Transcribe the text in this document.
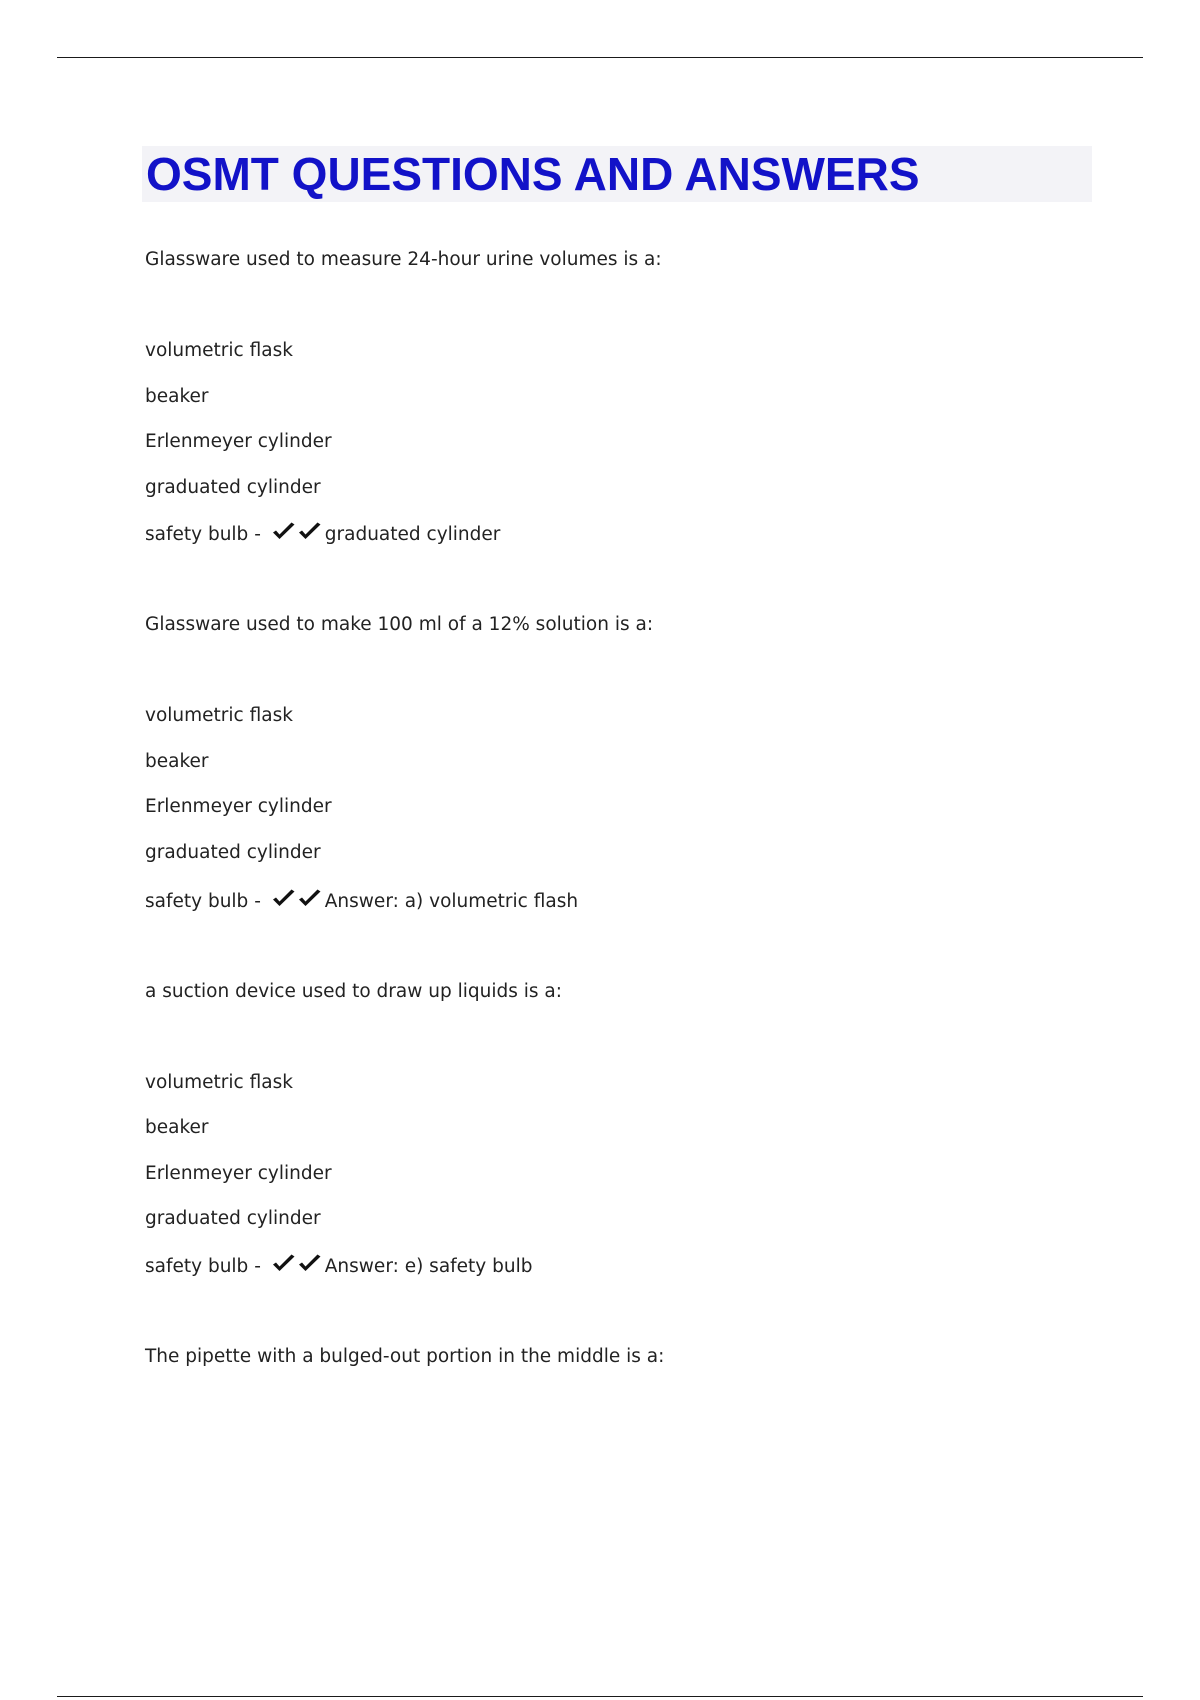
OSMT QUESTIONS AND ANSWERS
Glassware used to measure 24-hour urine volumes is a:
volumetric flask
beaker
Erlenmeyer cylinder
graduated cylinder
safety bulb -	graduated cylinder
Glassware used to make 100 ml of a 12% solution is a:
volumetric flask
beaker
Erlenmeyer cylinder
graduated cylinder
safety bulb -	Answer: a) volumetric flash
a suction device used to draw up liquids is a:
volumetric flask
beaker
Erlenmeyer cylinder
graduated cylinder
safety bulb -	Answer: e) safety bulb
The pipette with a bulged-out portion in the middle is a:
